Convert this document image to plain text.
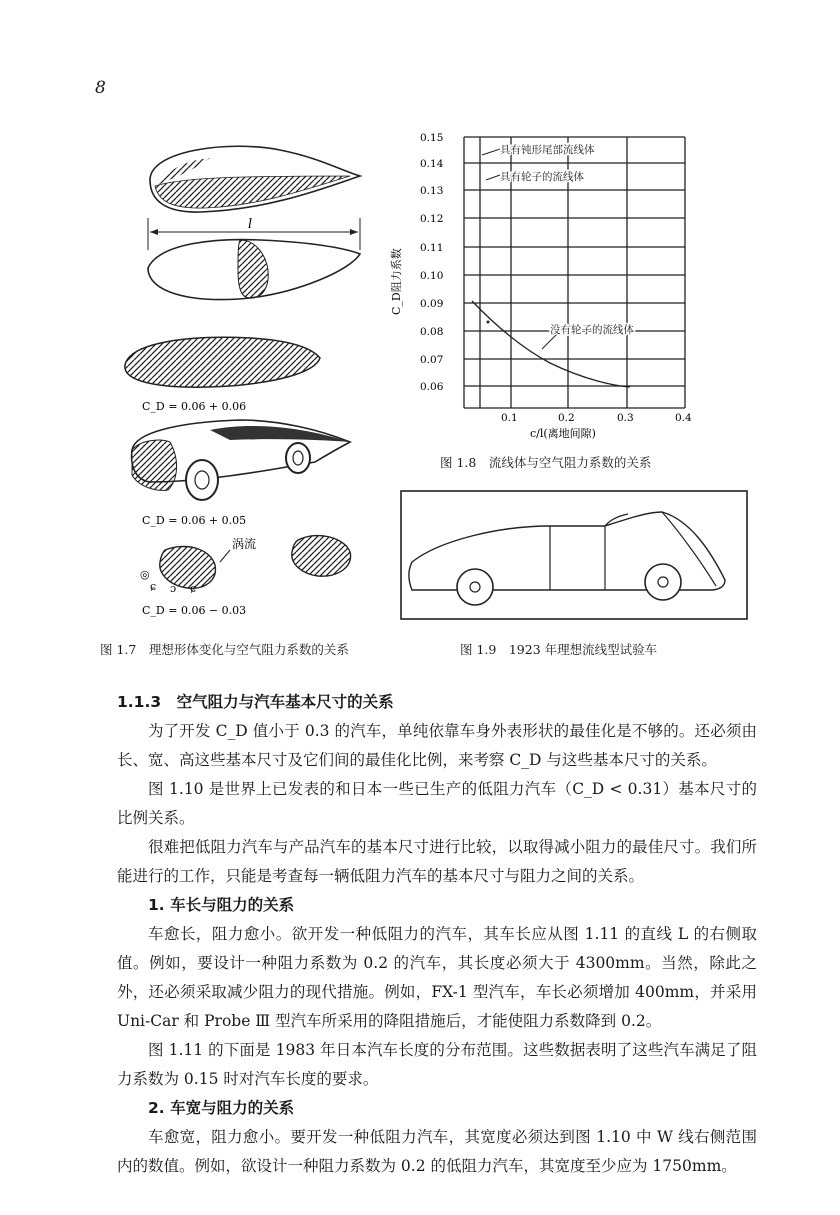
8
l
C_D = 0.06 + 0.06
C_D = 0.06 + 0.05
◎
ɕ ɔ ɕ
涡流
C_D = 0.06 − 0.03
0.15
0.14
0.13
0.12
0.11
0.10
0.09
0.08
0.07
0.06
0.1	0.2	0.3	0.4
C_D阻力系数
c/l(离地间隙)
具有钝形尾部流线体
具有轮子的流线体
没有轮子的流线体
图 1.8　流线体与空气阻力系数的关系
图 1.7　理想形体变化与空气阻力系数的关系	图 1.9　1923 年理想流线型试验车

1.1.3　空气阻力与汽车基本尺寸的关系

为了开发 C_D 值小于 0.3 的汽车，单纯依靠车身外表形状的最佳化是不够的。还必须由长、宽、高这些基本尺寸及它们间的最佳化比例，来考察 C_D 与这些基本尺寸的关系。

图 1.10 是世界上已发表的和日本一些已生产的低阻力汽车（C_D < 0.31）基本尺寸的比例关系。

很难把低阻力汽车与产品汽车的基本尺寸进行比较，以取得减小阻力的最佳尺寸。我们所能进行的工作，只能是考查每一辆低阻力汽车的基本尺寸与阻力之间的关系。

1. 车长与阻力的关系

车愈长，阻力愈小。欲开发一种低阻力的汽车，其车长应从图 1.11 的直线 L 的右侧取值。例如，要设计一种阻力系数为 0.2 的汽车，其长度必须大于 4300mm。当然，除此之外，还必须采取减少阻力的现代措施。例如，FX-1 型汽车，车长必须增加 400mm，并采用 Uni-Car 和 Probe Ⅲ 型汽车所采用的降阻措施后，才能使阻力系数降到 0.2。

图 1.11 的下面是 1983 年日本汽车长度的分布范围。这些数据表明了这些汽车满足了阻力系数为 0.15 时对汽车长度的要求。

2. 车宽与阻力的关系

车愈宽，阻力愈小。要开发一种低阻力汽车，其宽度必须达到图 1.10 中 W 线右侧范围内的数值。例如，欲设计一种阻力系数为 0.2 的低阻力汽车，其宽度至少应为 1750mm。
